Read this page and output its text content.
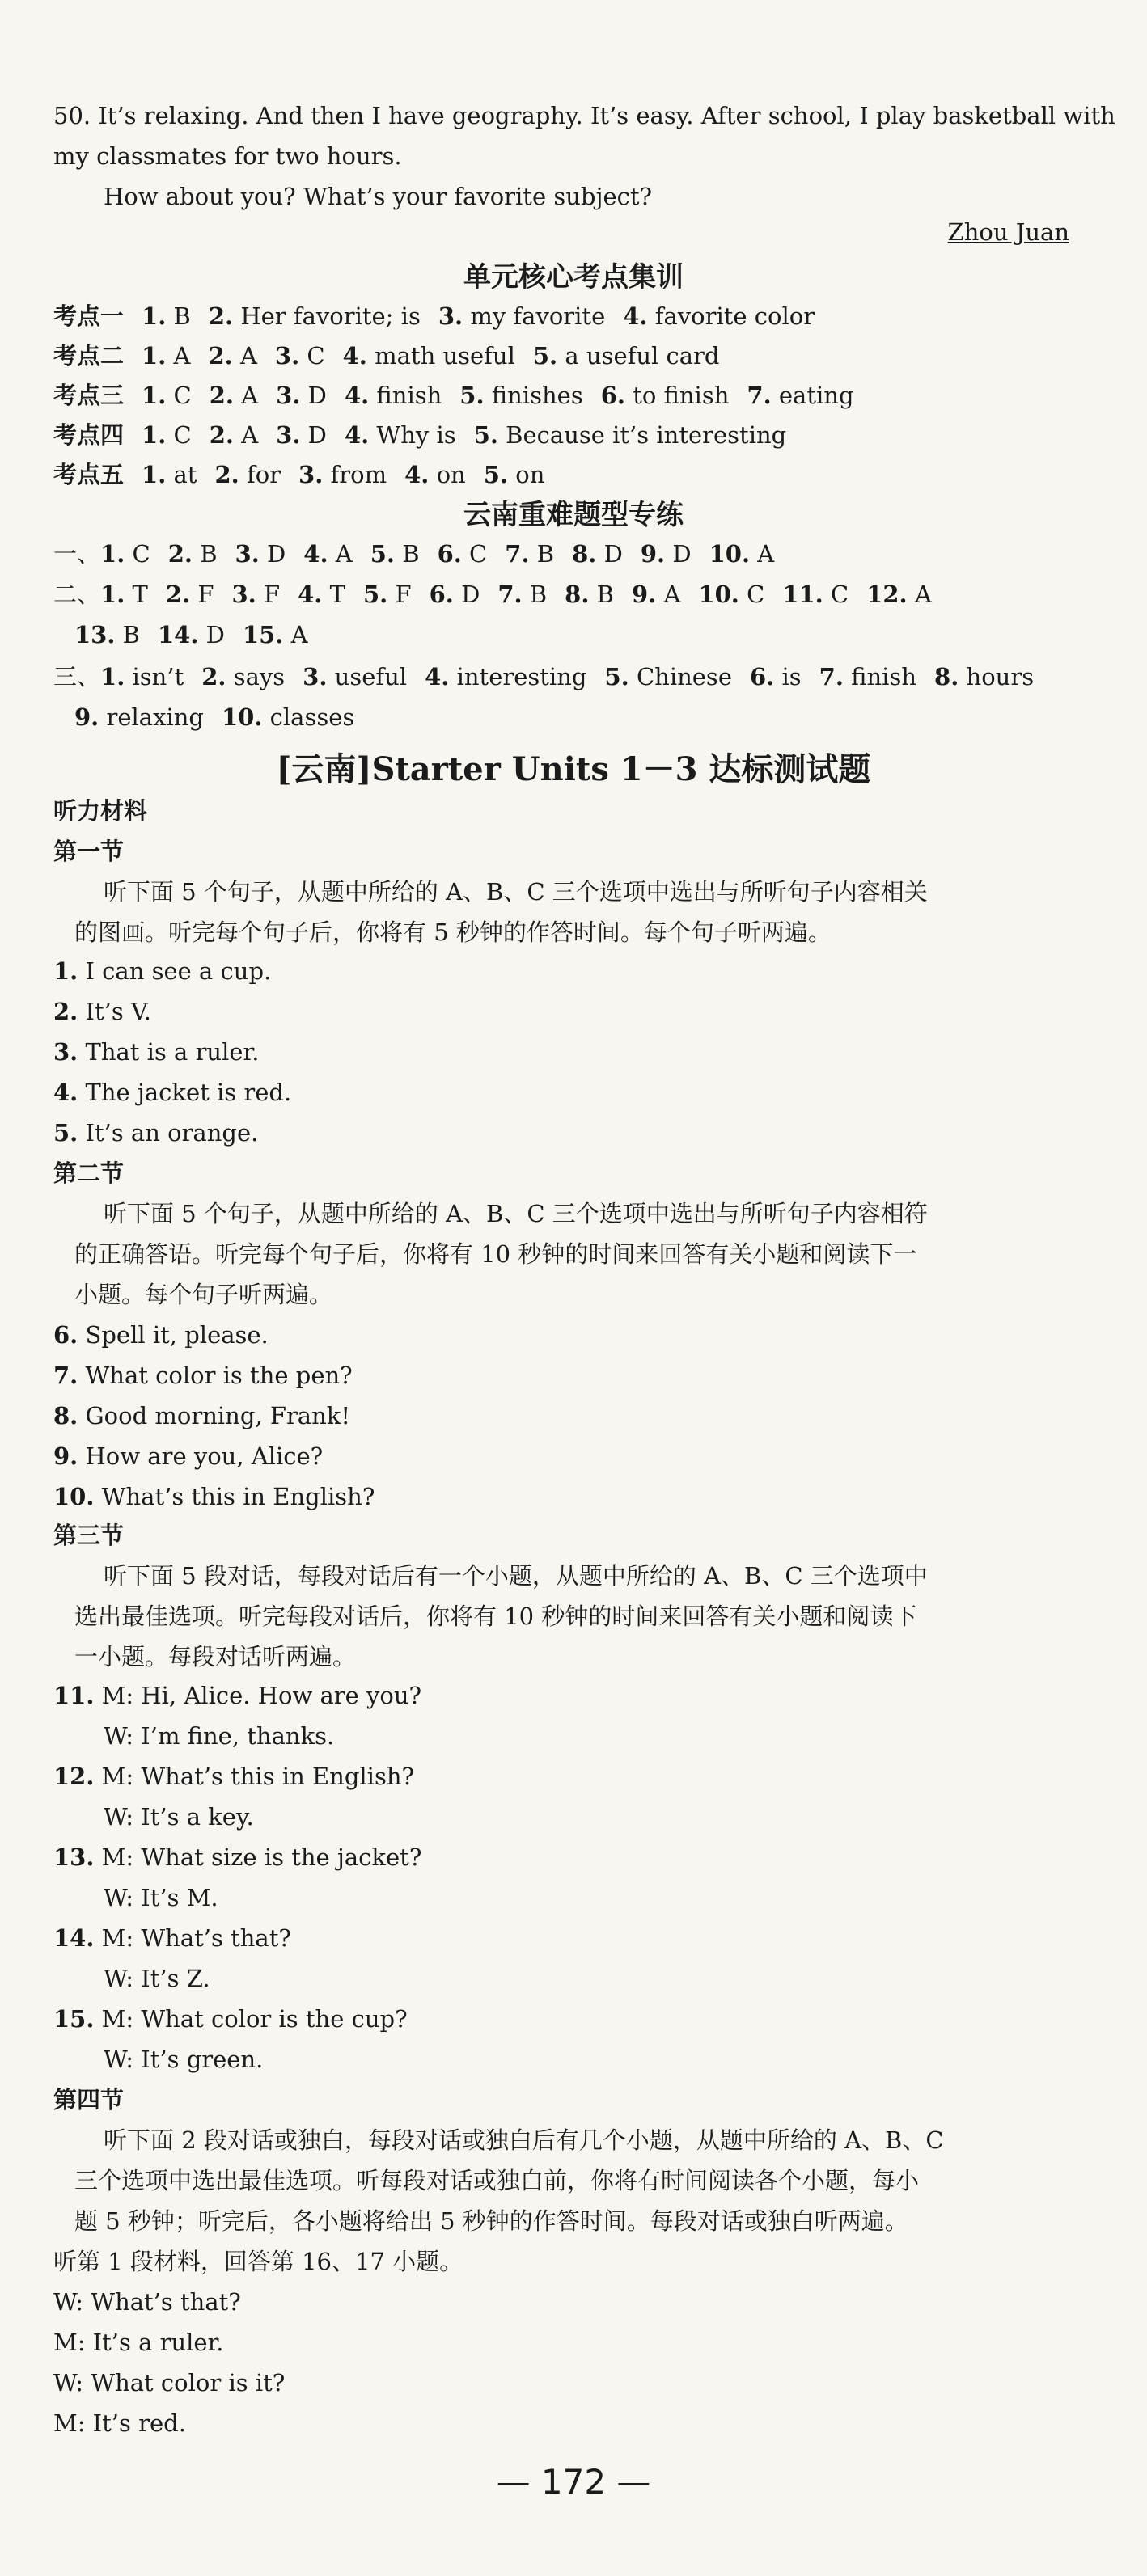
50. It’s relaxing. And then I have geography. It’s easy. After school, I play basketball with
my classmates for two hours.
How about you? What’s your favorite subject?
Zhou Juan
单元核心考点集训
考点一 1. B 2. Her favorite; is 3. my favorite 4. favorite color
考点二 1. A 2. A 3. C 4. math useful 5. a useful card
考点三 1. C 2. A 3. D 4. finish 5. finishes 6. to finish 7. eating
考点四 1. C 2. A 3. D 4. Why is 5. Because it’s interesting
考点五 1. at 2. for 3. from 4. on 5. on
云南重难题型专练
一、1. C 2. B 3. D 4. A 5. B 6. C 7. B 8. D 9. D 10. A
二、1. T 2. F 3. F 4. T 5. F 6. D 7. B 8. B 9. A 10. C 11. C 12. A
13. B 14. D 15. A
三、1. isn’t 2. says 3. useful 4. interesting 5. Chinese 6. is 7. finish 8. hours
9. relaxing 10. classes
[云南]Starter Units 1－3 达标测试题
听力材料
第一节
听下面 5 个句子，从题中所给的 A、B、C 三个选项中选出与所听句子内容相关
的图画。听完每个句子后，你将有 5 秒钟的作答时间。每个句子听两遍。
1. I can see a cup.
2. It’s V.
3. That is a ruler.
4. The jacket is red.
5. It’s an orange.
第二节
听下面 5 个句子，从题中所给的 A、B、C 三个选项中选出与所听句子内容相符
的正确答语。听完每个句子后，你将有 10 秒钟的时间来回答有关小题和阅读下一
小题。每个句子听两遍。
6. Spell it, please.
7. What color is the pen?
8. Good morning, Frank!
9. How are you, Alice?
10. What’s this in English?
第三节
听下面 5 段对话，每段对话后有一个小题，从题中所给的 A、B、C 三个选项中
选出最佳选项。听完每段对话后，你将有 10 秒钟的时间来回答有关小题和阅读下
一小题。每段对话听两遍。
11. M: Hi, Alice. How are you?
W: I’m fine, thanks.
12. M: What’s this in English?
W: It’s a key.
13. M: What size is the jacket?
W: It’s M.
14. M: What’s that?
W: It’s Z.
15. M: What color is the cup?
W: It’s green.
第四节
听下面 2 段对话或独白，每段对话或独白后有几个小题，从题中所给的 A、B、C
三个选项中选出最佳选项。听每段对话或独白前，你将有时间阅读各个小题，每小
题 5 秒钟；听完后，各小题将给出 5 秒钟的作答时间。每段对话或独白听两遍。
听第 1 段材料，回答第 16、17 小题。
W: What’s that?
M: It’s a ruler.
W: What color is it?
M: It’s red.
— 172 —
